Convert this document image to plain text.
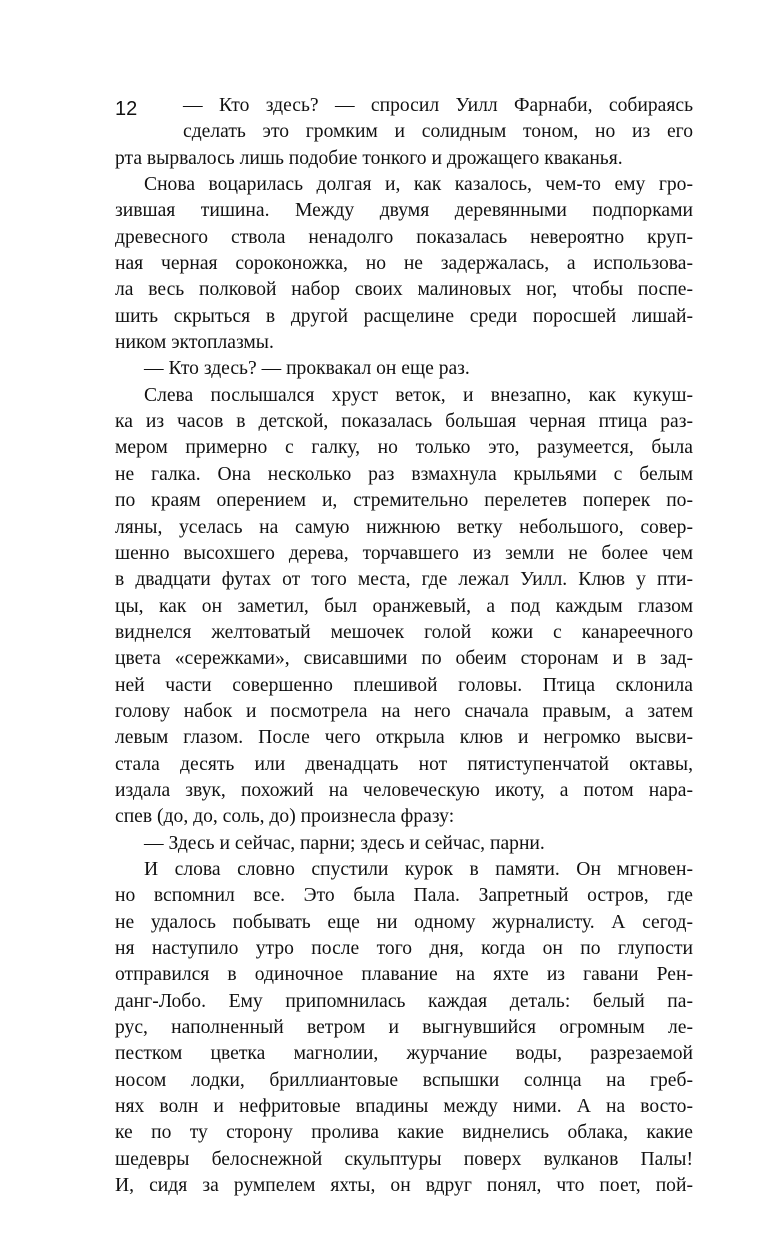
12	— Кто здесь? — спросил Уилл Фарнаби, собираясь
сделать это громким и солидным тоном, но из его
рта вырвалось лишь подобие тонкого и дрожащего кваканья.
Снова воцарилась долгая и, как казалось, чем-то ему гро-
зившая тишина. Между двумя деревянными подпорками
древесного ствола ненадолго показалась невероятно круп-
ная черная сороконожка, но не задержалась, а использова-
ла весь полковой набор своих малиновых ног, чтобы поспе-
шить скрыться в другой расщелине среди поросшей лишай-
ником эктоплазмы.
— Кто здесь? — проквакал он еще раз.
Слева послышался хруст веток, и внезапно, как кукуш-
ка из часов в детской, показалась большая черная птица раз-
мером примерно с галку, но только это, разумеется, была
не галка. Она несколько раз взмахнула крыльями с белым
по краям оперением и, стремительно перелетев поперек по-
ляны, уселась на самую нижнюю ветку небольшого, совер-
шенно высохшего дерева, торчавшего из земли не более чем
в двадцати футах от того места, где лежал Уилл. Клюв у пти-
цы, как он заметил, был оранжевый, а под каждым глазом
виднелся желтоватый мешочек голой кожи с канареечного
цвета «сережками», свисавшими по обеим сторонам и в зад-
ней части совершенно плешивой головы. Птица склонила
голову набок и посмотрела на него сначала правым, а затем
левым глазом. После чего открыла клюв и негромко высви-
стала десять или двенадцать нот пятиступенчатой октавы,
издала звук, похожий на человеческую икоту, а потом нара-
спев (до, до, соль, до) произнесла фразу:
— Здесь и сейчас, парни; здесь и сейчас, парни.
И слова словно спустили курок в памяти. Он мгновен-
но вспомнил все. Это была Пала. Запретный остров, где
не удалось побывать еще ни одному журналисту. А сегод-
ня наступило утро после того дня, когда он по глупости
отправился в одиночное плавание на яхте из гавани Рен-
данг-Лобо. Ему припомнилась каждая деталь: белый па-
рус, наполненный ветром и выгнувшийся огромным ле-
пестком цветка магнолии, журчание воды, разрезаемой
носом лодки, бриллиантовые вспышки солнца на греб-
нях волн и нефритовые впадины между ними. А на восто-
ке по ту сторону пролива какие виднелись облака, какие
шедевры белоснежной скульптуры поверх вулканов Палы!
И, сидя за румпелем яхты, он вдруг понял, что поет, пой-
